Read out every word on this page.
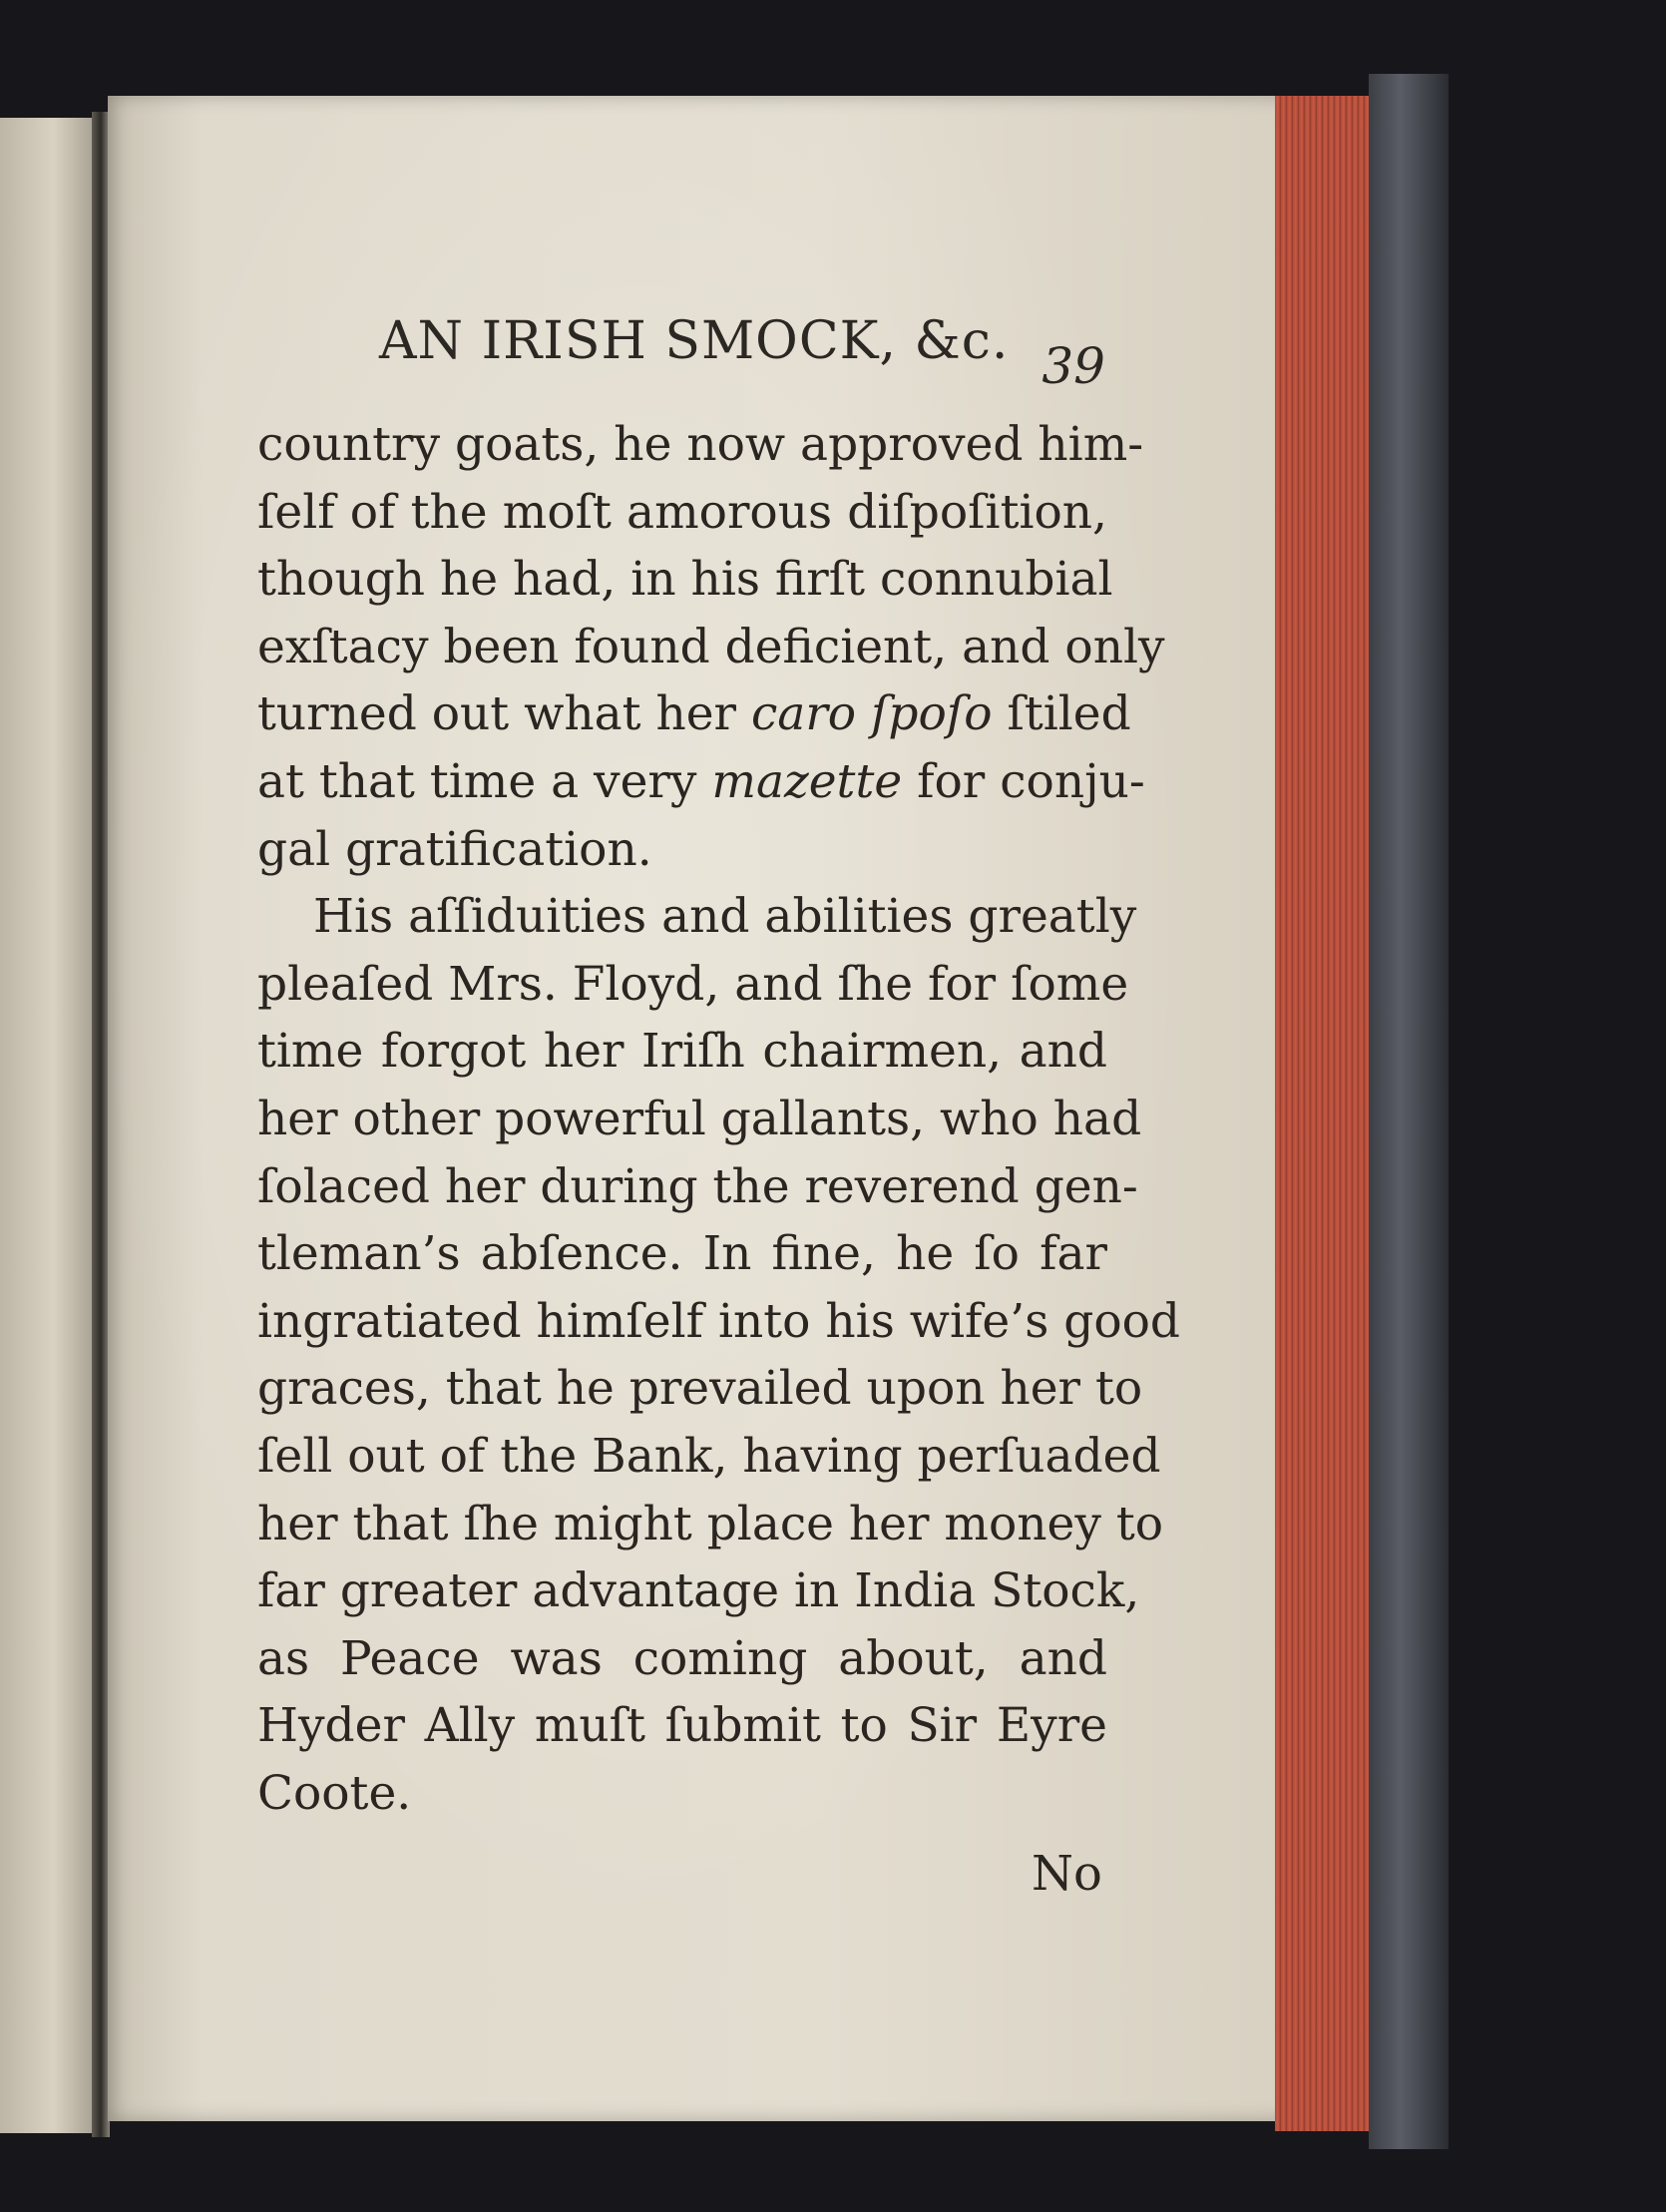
AN IRISH SMOCK, &c. 39
country goats, he now approved him-
ſelf of the moſt amorous diſpoſition,
though he had, in his firſt connubial
exſtacy been found deficient, and only
turned out what her caro ſpoſo ſtiled
at that time a very mazette for conju-
gal gratification.
His aſſiduities and abilities greatly
pleaſed Mrs. Floyd, and ſhe for ſome
time forgot her Iriſh chairmen, and
her other powerful gallants, who had
ſolaced her during the reverend gen-
tleman’s abſence. In fine, he ſo far
ingratiated himſelf into his wife’s good
graces, that he prevailed upon her to
ſell out of the Bank, having perſuaded
her that ſhe might place her money to
far greater advantage in India Stock,
as Peace was coming about, and
Hyder Ally muſt ſubmit to Sir Eyre
Coote.
No
